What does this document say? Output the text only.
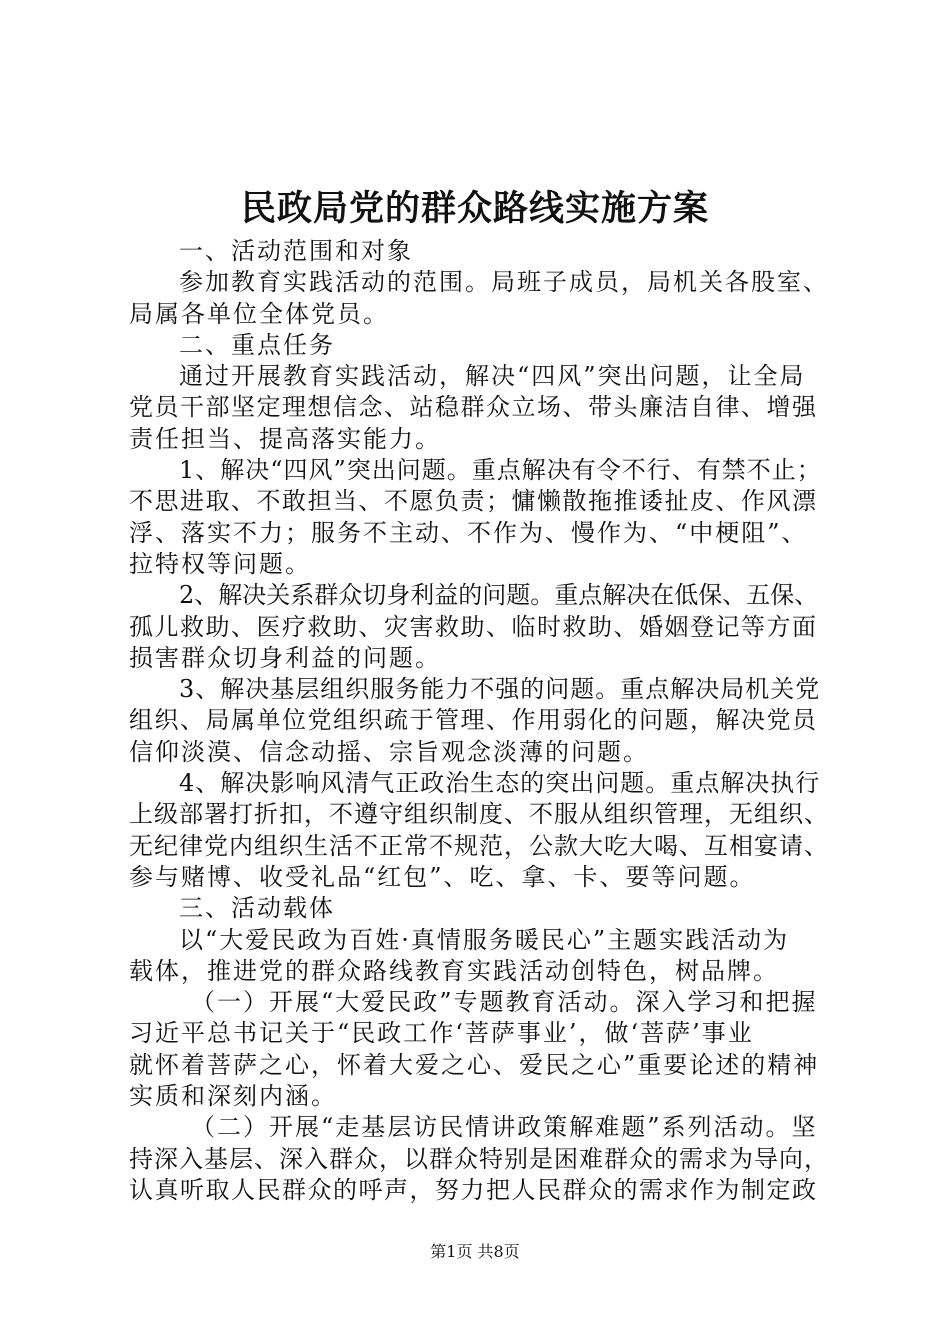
民政局党的群众路线实施方案
一、活动范围和对象
参加教育实践活动的范围。局班子成员，局机关各股室、
局属各单位全体党员。
二、重点任务
通过开展教育实践活动，解决“四风”突出问题，让全局
党员干部坚定理想信念、站稳群众立场、带头廉洁自律、增强
责任担当、提高落实能力。
1、解决“四风”突出问题。重点解决有令不行、有禁不止；
不思进取、不敢担当、不愿负责；慵懒散拖推诿扯皮、作风漂
浮、落实不力；服务不主动、不作为、慢作为、“中梗阻”、
拉特权等问题。
2、解决关系群众切身利益的问题。重点解决在低保、五保、
孤儿救助、医疗救助、灾害救助、临时救助、婚姻登记等方面
损害群众切身利益的问题。
3、解决基层组织服务能力不强的问题。重点解决局机关党
组织、局属单位党组织疏于管理、作用弱化的问题，解决党员
信仰淡漠、信念动摇、宗旨观念淡薄的问题。
4、解决影响风清气正政治生态的突出问题。重点解决执行
上级部署打折扣，不遵守组织制度、不服从组织管理，无组织、
无纪律党内组织生活不正常不规范，公款大吃大喝、互相宴请、
参与赌博、收受礼品“红包”、吃、拿、卡、要等问题。
三、活动载体
以“大爱民政为百姓·真情服务暖民心”主题实践活动为
载体，推进党的群众路线教育实践活动创特色，树品牌。
（一）开展“大爱民政”专题教育活动。深入学习和把握
习近平总书记关于“民政工作‘菩萨事业’，做‘菩萨’事业
就怀着菩萨之心，怀着大爱之心、爱民之心”重要论述的精神
实质和深刻内涵。
（二）开展“走基层访民情讲政策解难题”系列活动。坚
持深入基层、深入群众，以群众特别是困难群众的需求为导向，
认真听取人民群众的呼声，努力把人民群众的需求作为制定政
第1页 共8页
